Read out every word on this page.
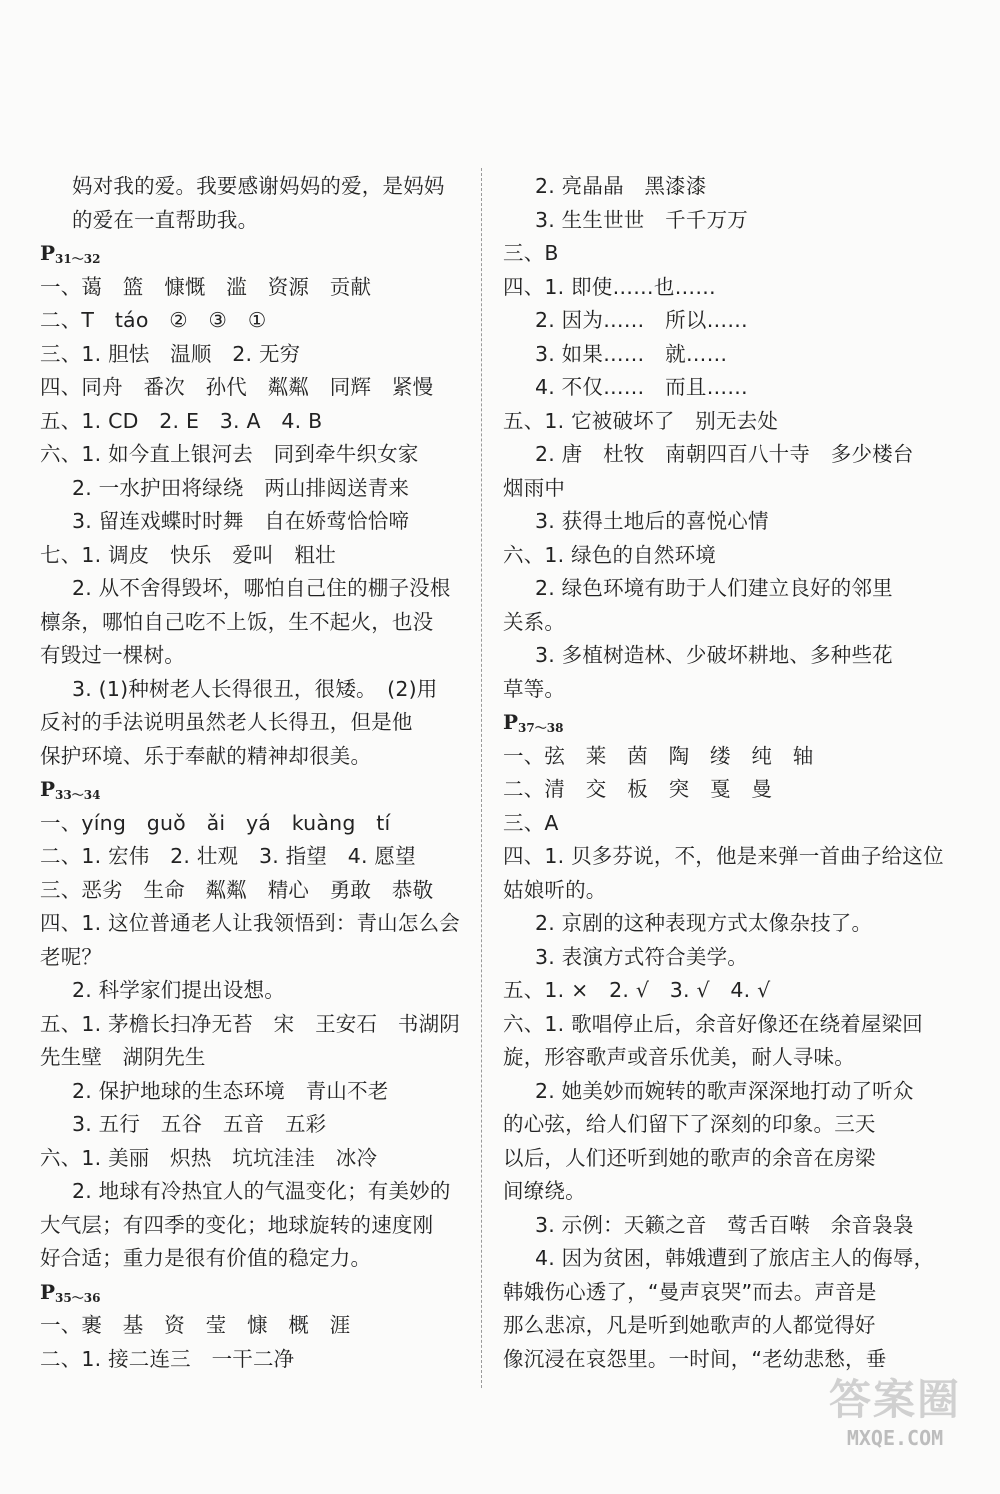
妈对我的爱。我要感谢妈妈的爱，是妈妈
的爱在一直帮助我。
$P_{31\sim 32}$
一、蔼　篮　慷慨　滥　资源　贡献
二、T　táo　②　③　①
三、1. 胆怯　温顺　2. 无穷
四、同舟　番次　孙代　粼粼　同辉　紧慢
五、1. CD　2. E　3. A　4. B
六、1. 如今直上银河去　同到牵牛织女家
2. 一水护田将绿绕　两山排闼送青来
3. 留连戏蝶时时舞　自在娇莺恰恰啼
七、1. 调皮　快乐　爱叫　粗壮
2. 从不舍得毁坏，哪怕自己住的棚子没根
檩条，哪怕自己吃不上饭，生不起火，也没
有毁过一棵树。
3. (1)种树老人长得很丑，很矮。　(2)用
反衬的手法说明虽然老人长得丑，但是他
保护环境、乐于奉献的精神却很美。
$P_{33\sim 34}$
一、yíng　guǒ　ǎi　yá　kuàng　tí
二、1. 宏伟　2. 壮观　3. 指望　4. 愿望
三、恶劣　生命　粼粼　精心　勇敢　恭敬
四、1. 这位普通老人让我领悟到：青山怎么会
老呢？
2. 科学家们提出设想。
五、1. 茅檐长扫净无苔　宋　王安石　书湖阴
先生壁　湖阴先生
2. 保护地球的生态环境　青山不老
3. 五行　五谷　五音　五彩
六、1. 美丽　炽热　坑坑洼洼　冰冷
2. 地球有冷热宜人的气温变化；有美妙的
大气层；有四季的变化；地球旋转的速度刚
好合适；重力是很有价值的稳定力。
$P_{35\sim 36}$
一、裹　基　资　莹　慷　概　涯
二、1. 接二连三　一干二净
2. 亮晶晶　黑漆漆
3. 生生世世　千千万万
三、B
四、1. 即使……也……
2. 因为……　所以……
3. 如果……　就……
4. 不仅……　而且……
五、1. 它被破坏了　别无去处
2. 唐　杜牧　南朝四百八十寺　多少楼台
烟雨中
3. 获得土地后的喜悦心情
六、1. 绿色的自然环境
2. 绿色环境有助于人们建立良好的邻里
关系。
3. 多植树造林、少破坏耕地、多种些花
草等。
$P_{37\sim 38}$
一、弦　莱　茵　陶　缕　纯　轴
二、清　交　板　突　戛　曼
三、A
四、1. 贝多芬说，不，他是来弹一首曲子给这位
姑娘听的。
2. 京剧的这种表现方式太像杂技了。
3. 表演方式符合美学。
五、1. ×　2. √　3. √　4. √
六、1. 歌唱停止后，余音好像还在绕着屋梁回
旋，形容歌声或音乐优美，耐人寻味。
2. 她美妙而婉转的歌声深深地打动了听众
的心弦，给人们留下了深刻的印象。三天
以后，人们还听到她的歌声的余音在房梁
间缭绕。
3. 示例：天籁之音　莺舌百啭　余音袅袅
4. 因为贫困，韩娥遭到了旅店主人的侮辱，
韩娥伤心透了，“曼声哀哭”而去。声音是
那么悲凉，凡是听到她歌声的人都觉得好
像沉浸在哀怨里。一时间，“老幼悲愁，垂
答案圈
MXQE.COM
